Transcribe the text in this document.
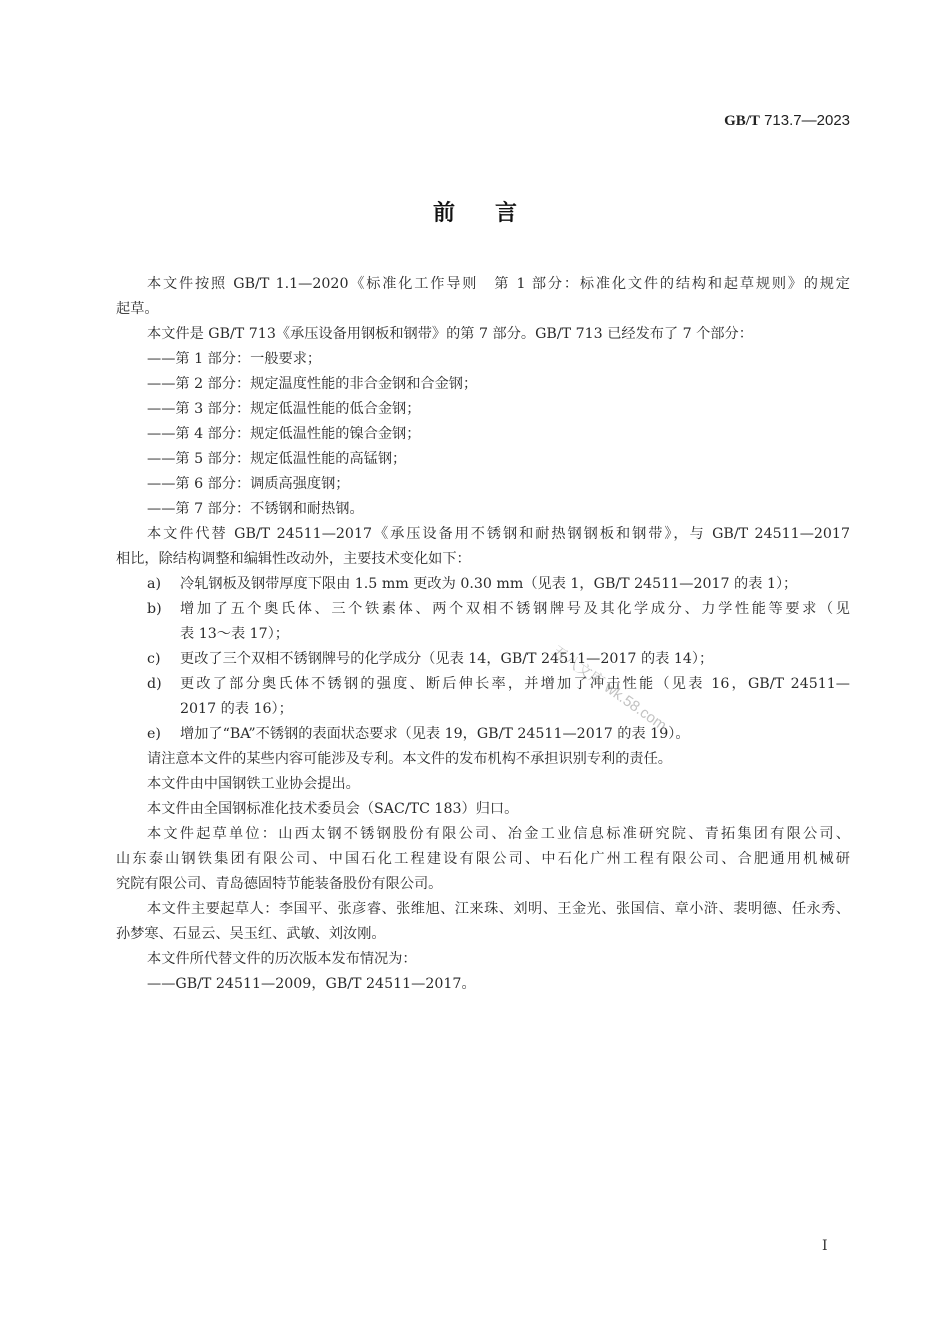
GB/T 713.7—2023
前言
本文件按照 GB/T 1.1—2020《标准化工作导则　第 1 部分：标准化文件的结构和起草规则》的规定
起草。
本文件是 GB/T 713《承压设备用钢板和钢带》的第 7 部分。GB/T 713 已经发布了 7 个部分：
——第 1 部分：一般要求；
——第 2 部分：规定温度性能的非合金钢和合金钢；
——第 3 部分：规定低温性能的低合金钢；
——第 4 部分：规定低温性能的镍合金钢；
——第 5 部分：规定低温性能的高锰钢；
——第 6 部分：调质高强度钢；
——第 7 部分：不锈钢和耐热钢。
本文件代替 GB/T 24511—2017《承压设备用不锈钢和耐热钢钢板和钢带》，与 GB/T 24511—2017
相比，除结构调整和编辑性改动外，主要技术变化如下：
a)	冷轧钢板及钢带厚度下限由 1.5 mm 更改为 0.30 mm（见表 1，GB/T 24511—2017 的表 1）；
b)	增加了五个奥氏体、三个铁素体、两个双相不锈钢牌号及其化学成分、力学性能等要求（见
表 13～表 17）；
c)	更改了三个双相不锈钢牌号的化学成分（见表 14，GB/T 24511—2017 的表 14）；
d)	更改了部分奥氏体不锈钢的强度、断后伸长率，并增加了冲击性能（见表 16，GB/T 24511—
2017 的表 16）；
e)	增加了“BA”不锈钢的表面状态要求（见表 19，GB/T 24511—2017 的表 19）。
请注意本文件的某些内容可能涉及专利。本文件的发布机构不承担识别专利的责任。
本文件由中国钢铁工业协会提出。
本文件由全国钢标准化技术委员会（SAC/TC 183）归口。
本文件起草单位：山西太钢不锈钢股份有限公司、冶金工业信息标准研究院、青拓集团有限公司、
山东泰山钢铁集团有限公司、中国石化工程建设有限公司、中石化广州工程有限公司、合肥通用机械研
究院有限公司、青岛德固特节能装备股份有限公司。
本文件主要起草人：李国平、张彦睿、张维旭、江来珠、刘明、王金光、张国信、章小浒、裴明德、任永秀、
孙梦寒、石显云、吴玉红、武敏、刘汝刚。
本文件所代替文件的历次版本发布情况为：
——GB/T 24511—2009，GB/T 24511—2017。
五八文库 wk.58.com
I
